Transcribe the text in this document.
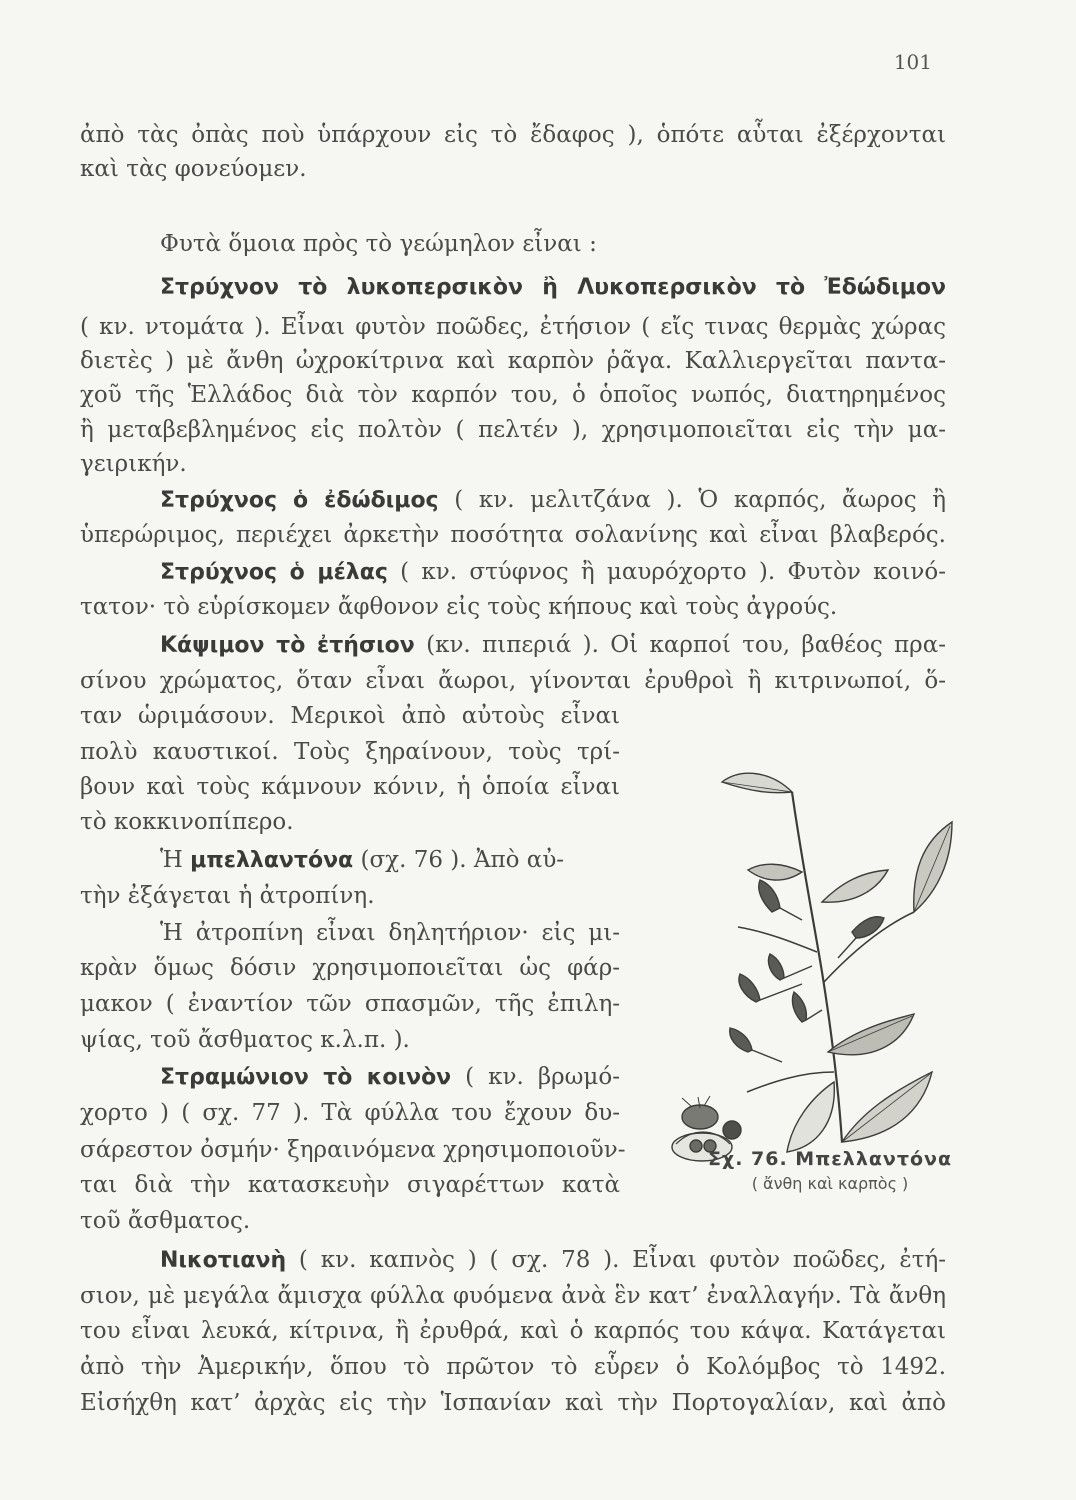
101
ἀπὸ τὰς ὀπὰς ποὺ ὑπάρχουν εἰς τὸ ἔδαφος ), ὁπότε αὗται ἐξέρχονται
καὶ τὰς φονεύομεν.
Φυτὰ ὅμοια πρὸς τὸ γεώμηλον εἶναι :
Στρύχνον τὸ λυκοπερσικὸν ἢ Λυκοπερσικὸν τὸ Ἐδώδιμον
( κν. ντομάτα ). Εἶναι φυτὸν ποῶδες, ἐτήσιον ( εἴς τινας θερμὰς χώρας
διετὲς ) μὲ ἄνθη ὠχροκίτρινα καὶ καρπὸν ῥᾶγα. Καλλιεργεῖται παντα-
χοῦ τῆς Ἑλλάδος διὰ τὸν καρπόν του, ὁ ὁποῖος νωπός, διατηρημένος
ἢ μεταβεβλημένος εἰς πολτὸν ( πελτέν ), χρησιμοποιεῖται εἰς τὴν μα-
γειρικήν.
Στρύχνος ὁ ἐδώδιμος ( κν. μελιτζάνα ). Ὁ καρπός, ἄωρος ἢ
ὑπερώριμος, περιέχει ἀρκετὴν ποσότητα σολανίνης καὶ εἶναι βλαβερός.
Στρύχνος ὁ μέλας ( κν. στύφνος ἢ μαυρόχορτο ). Φυτὸν κοινό-
τατον· τὸ εὑρίσκομεν ἄφθονον εἰς τοὺς κήπους καὶ τοὺς ἀγρούς.
Κάψιμον τὸ ἐτήσιον (κν. πιπεριά ). Οἱ καρποί του, βαθέος πρα-
σίνου χρώματος, ὅταν εἶναι ἄωροι, γίνονται ἐρυθροὶ ἢ κιτρινωποί, ὅ-
ταν ὡριμάσουν. Μερικοὶ ἀπὸ αὐτοὺς εἶναι
πολὺ καυστικοί. Τοὺς ξηραίνουν, τοὺς τρί-
βουν καὶ τοὺς κάμνουν κόνιν, ἡ ὁποία εἶναι
τὸ κοκκινοπίπερο.
Ἡ μπελλαντόνα (σχ. 76 ). Ἀπὸ αὐ-
τὴν ἐξάγεται ἡ ἀτροπίνη.
Ἡ ἀτροπίνη εἶναι δηλητήριον· εἰς μι-
κρὰν ὅμως δόσιν χρησιμοποιεῖται ὡς φάρ-
μακον ( ἐναντίον τῶν σπασμῶν, τῆς ἐπιλη-
ψίας, τοῦ ἄσθματος κ.λ.π. ).
Στραμώνιον τὸ κοινὸν ( κν. βρωμό-
χορτο ) ( σχ. 77 ). Τὰ φύλλα του ἔχουν δυ-
σάρεστον ὀσμήν· ξηραινόμενα χρησιμοποιοῦν-
ται διὰ τὴν κατασκευὴν σιγαρέττων κατὰ
τοῦ ἄσθματος.
Νικοτιανὴ ( κν. καπνὸς ) ( σχ. 78 ). Εἶναι φυτὸν ποῶδες, ἐτή-
σιον, μὲ μεγάλα ἄμισχα φύλλα φυόμενα ἀνὰ ἓν κατ’ ἐναλλαγήν. Τὰ ἄνθη
του εἶναι λευκά, κίτρινα, ἢ ἐρυθρά, καὶ ὁ καρπός του κάψα. Κατάγεται
ἀπὸ τὴν Ἀμερικήν, ὅπου τὸ πρῶτον τὸ εὗρεν ὁ Κολόμβος τὸ 1492.
Εἰσήχθη κατ’ ἀρχὰς εἰς τὴν Ἱσπανίαν καὶ τὴν Πορτογαλίαν, καὶ ἀπὸ
Σχ. 76. Μπελλαντόνα
( ἄνθη καὶ καρπὸς )
